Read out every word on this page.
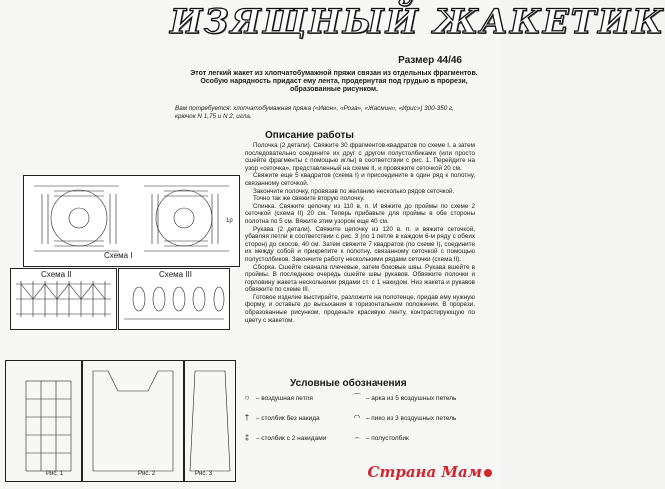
ИЗЯЩНЫЙ ЖАКЕТИК
Размер 44/46
Этот легкий жакет из хлопчатобумажной пряжи связан из отдельных фрагментов. Особую нарядность придаст ему лента, продернутая под грудью в прорези, образованные рисунком.
Вам потребуется: хлопчатобумажная пряжа («Ивон», «Роза», «Жасмин», «Ирис») 300-350 г, крючок N 1,75 и N 2, игла.
Схема I
1р
Схема II	Схема III
Рис. 1	Рис. 2	Рис. 3
Описание работы

Полочка (2 детали). Свяжите 30 фрагментов-квадратов по схеме I, а затем последовательно соедините их друг с другом полустолбиками (или просто сшейте фрагменты с помощью иглы) в соответствии с рис. 1. Перейдите на узор «сеточка», представленный на схеме II, и провяжите сеточкой 20 см.

Свяжите еще 5 квадратов (схема I) и присоедините в один ряд к полотну, связанному сеточкой.

Закончите полочку, провязав по желанию несколько рядов сеточкой.

Точно так же свяжите вторую полочку.

Спинка. Свяжите цепочку из 110 в. п. И вяжите до проймы по схеме 2 сеточкой (схема II) 20 см. Теперь прибавьте для проймы в обе стороны полотна по 5 см. Вяжите этим узором еще 40 см.

Рукава (2 детали). Свяжите цепочку из 120 в. п. и вяжите сеточкой, убавляя петли в соответствии с рис. 3 (по 1 петле в каждом 6-м ряду с обеих сторон) до скосов, 40 см. Затем свяжите 7 квадратов (по схеме I), соедините их между собой и прикрепите к полотну, связанному сеточкой с помощью полустолбиков. Закончите работу несколькими рядами сеточки (схема II).

Сборка. Сшейте сначала плечевые, затем боковые швы. Рукава вшейте в проймы. В последнюю очередь сшейте швы рукавов. Обвяжите полочки и горловину жакета несколькими рядами ст. с 1 накидом. Низ жакета и рукавов обвяжите по схеме III.

Готовое изделие выстирайте, разложите на полотенце, придав ему нужную форму, и оставьте до высыхания в горизонтальном положении. В прорези, образованные рисунком, проденьте красивую ленту, контрастирующую по цвету с жакетом.

Условные обозначения
○ – воздушная петля	⌒ – арка из 5 воздушных петель
† – столбик без накида	◠ – пико из 3 воздушных петель
‡ – столбик с 2 накидами	⌢ – полустолбик
Страна Мам
